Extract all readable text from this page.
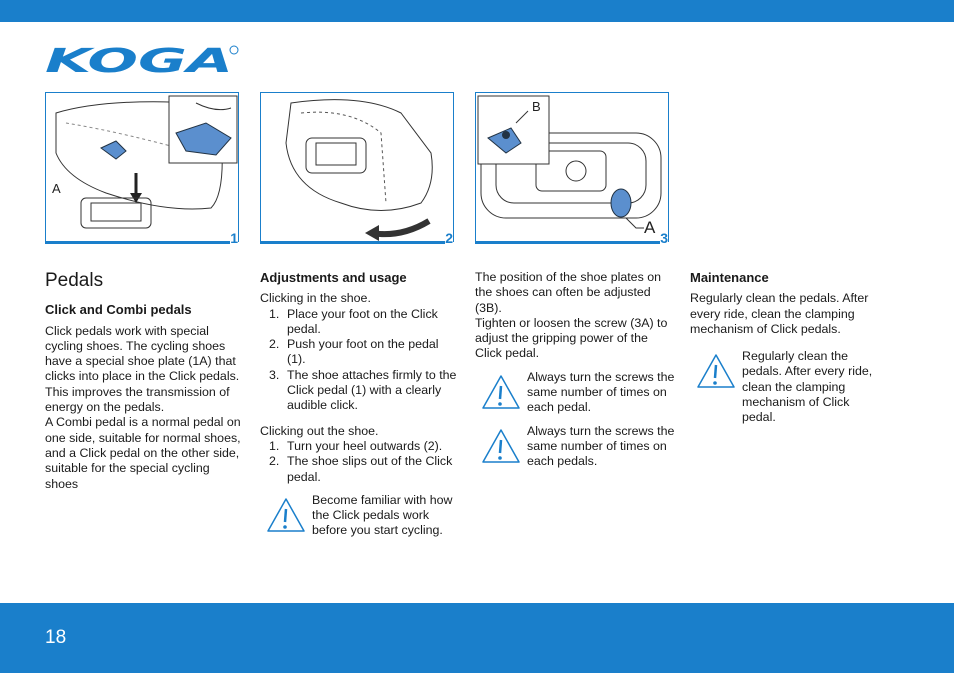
KOGA
A
1	2
A
B
3
Pedals
Click and Combi pedals

Click pedals work with special cycling shoes. The cycling shoes have a special shoe plate (1A) that clicks into place in the Click pedals. This improves the transmission of energy on the pedals.

A Combi pedal is a normal pedal on one side, suitable for normal shoes, and a Click pedal on the other side, suitable for the special cycling shoes

Adjustments and usage

Clicking in the shoe.

1. Place your foot on the Click pedal.
2. Push your foot on the pedal (1).
3. The shoe attaches firmly to the Click pedal (1) with a clearly audible click.

Clicking out the shoe.

1. Turn your heel outwards (2).
2. The shoe slips out of the Click pedal.
Become familiar with how the Click pedals work before you start cycling.

The position of the shoe plates on the shoes can often be adjusted (3B).

Tighten or loosen the screw (3A) to adjust the gripping power of the Click pedal.

Always turn the screws the same number of times on each pedal.
Always turn the screws the same number of times on each pedals.
Maintenance

Regularly clean the pedals. After every ride, clean the clamping mechanism of Click pedals.

Regularly clean the pedals. After every ride, clean the clamping mechanism of Click pedal.
18
